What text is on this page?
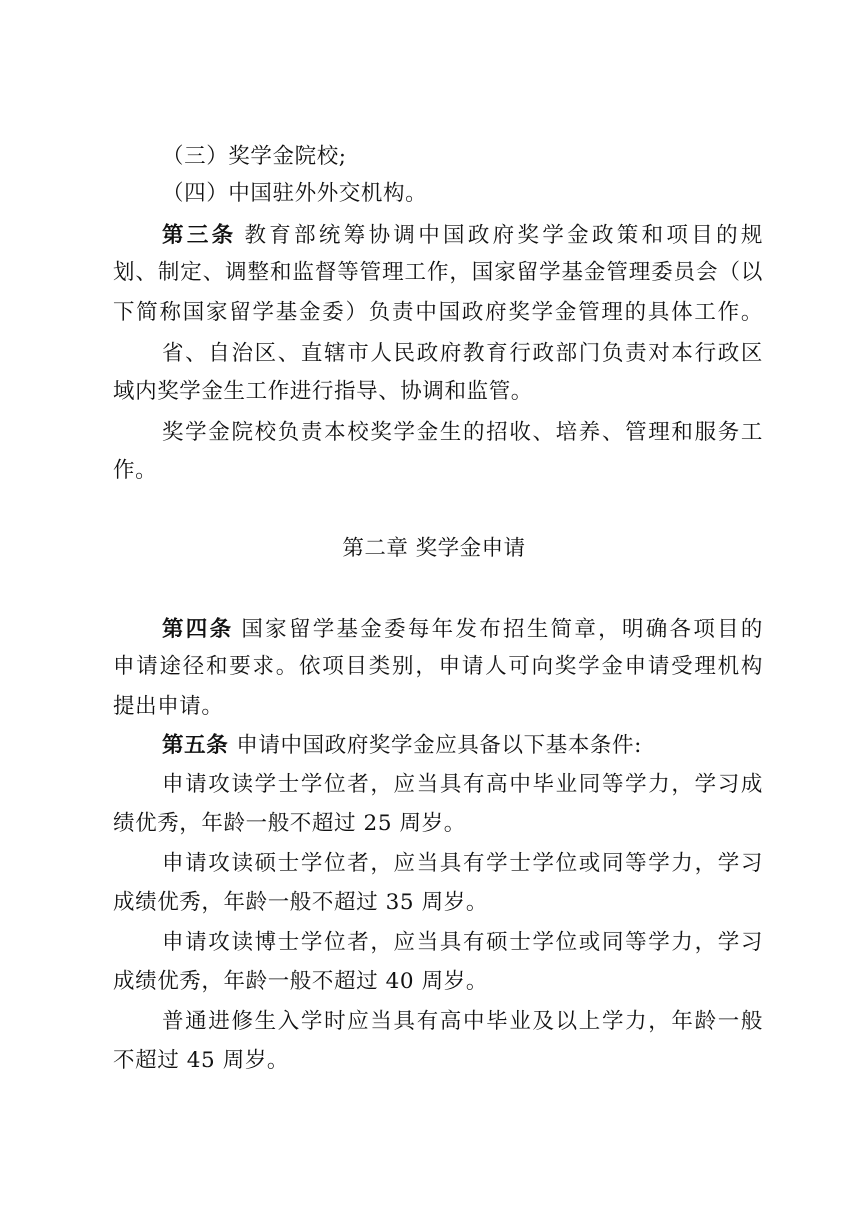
（三）奖学金院校;
（四）中国驻外外交机构。
第三条 教育部统筹协调中国政府奖学金政策和项目的规
划、制定、调整和监督等管理工作，国家留学基金管理委员会（以
下简称国家留学基金委）负责中国政府奖学金管理的具体工作。
省、自治区、直辖市人民政府教育行政部门负责对本行政区
域内奖学金生工作进行指导、协调和监管。
奖学金院校负责本校奖学金生的招收、培养、管理和服务工
作。
第二章 奖学金申请
第四条 国家留学基金委每年发布招生简章，明确各项目的
申请途径和要求。依项目类别，申请人可向奖学金申请受理机构
提出申请。
第五条 申请中国政府奖学金应具备以下基本条件:
申请攻读学士学位者，应当具有高中毕业同等学力，学习成
绩优秀，年龄一般不超过 25 周岁。
申请攻读硕士学位者，应当具有学士学位或同等学力，学习
成绩优秀，年龄一般不超过 35 周岁。
申请攻读博士学位者，应当具有硕士学位或同等学力，学习
成绩优秀，年龄一般不超过 40 周岁。
普通进修生入学时应当具有高中毕业及以上学力，年龄一般
不超过 45 周岁。
